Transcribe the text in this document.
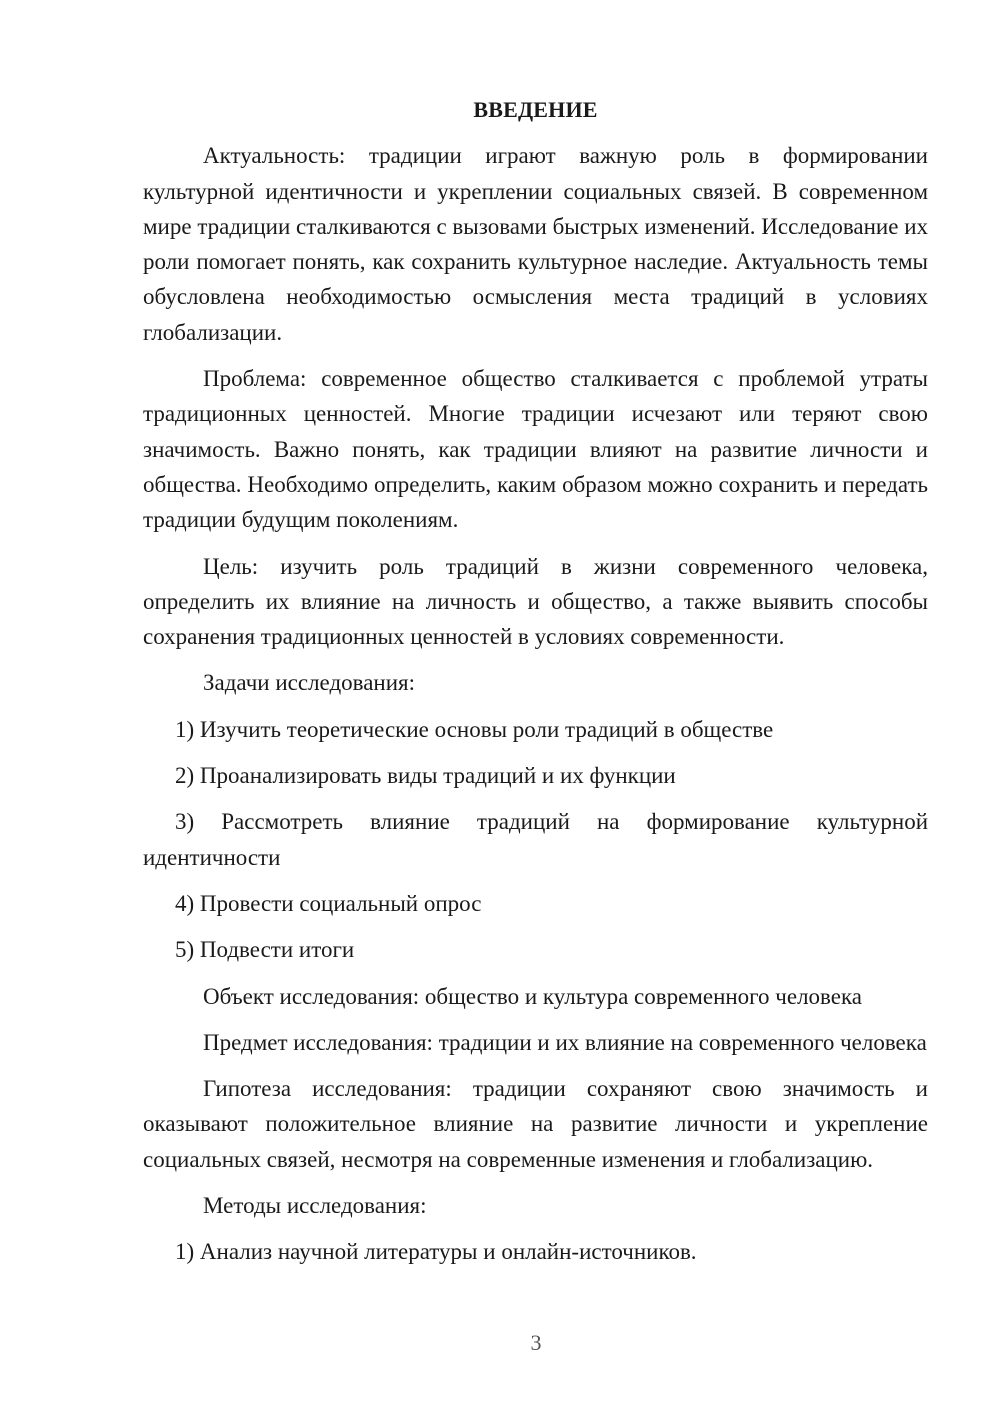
ВВЕДЕНИЕ

Актуальность: традиции играют важную роль в формировании культурной идентичности и укреплении социальных связей. В современном мире традиции сталкиваются с вызовами быстрых изменений. Исследование их роли помогает понять, как сохранить культурное наследие. Актуальность темы обусловлена необходимостью осмысления места традиций в условиях глобализации.

Проблема: современное общество сталкивается с проблемой утраты традиционных ценностей. Многие традиции исчезают или теряют свою значимость. Важно понять, как традиции влияют на развитие личности и общества. Необходимо определить, каким образом можно сохранить и передать традиции будущим поколениям.

Цель: изучить роль традиций в жизни современного человека, определить их влияние на личность и общество, а также выявить способы сохранения традиционных ценностей в условиях современности.

Задачи исследования:

1) Изучить теоретические основы роли традиций в обществе

2) Проанализировать виды традиций и их функции

3) Рассмотреть влияние традиций на формирование культурной идентичности

4) Провести социальный опрос

5) Подвести итоги

Объект исследования: общество и культура современного человека

Предмет исследования: традиции и их влияние на современного человека

Гипотеза исследования: традиции сохраняют свою значимость и оказывают положительное влияние на развитие личности и укрепление социальных связей, несмотря на современные изменения и глобализацию.

Методы исследования:

1) Анализ научной литературы и онлайн-источников.

3
